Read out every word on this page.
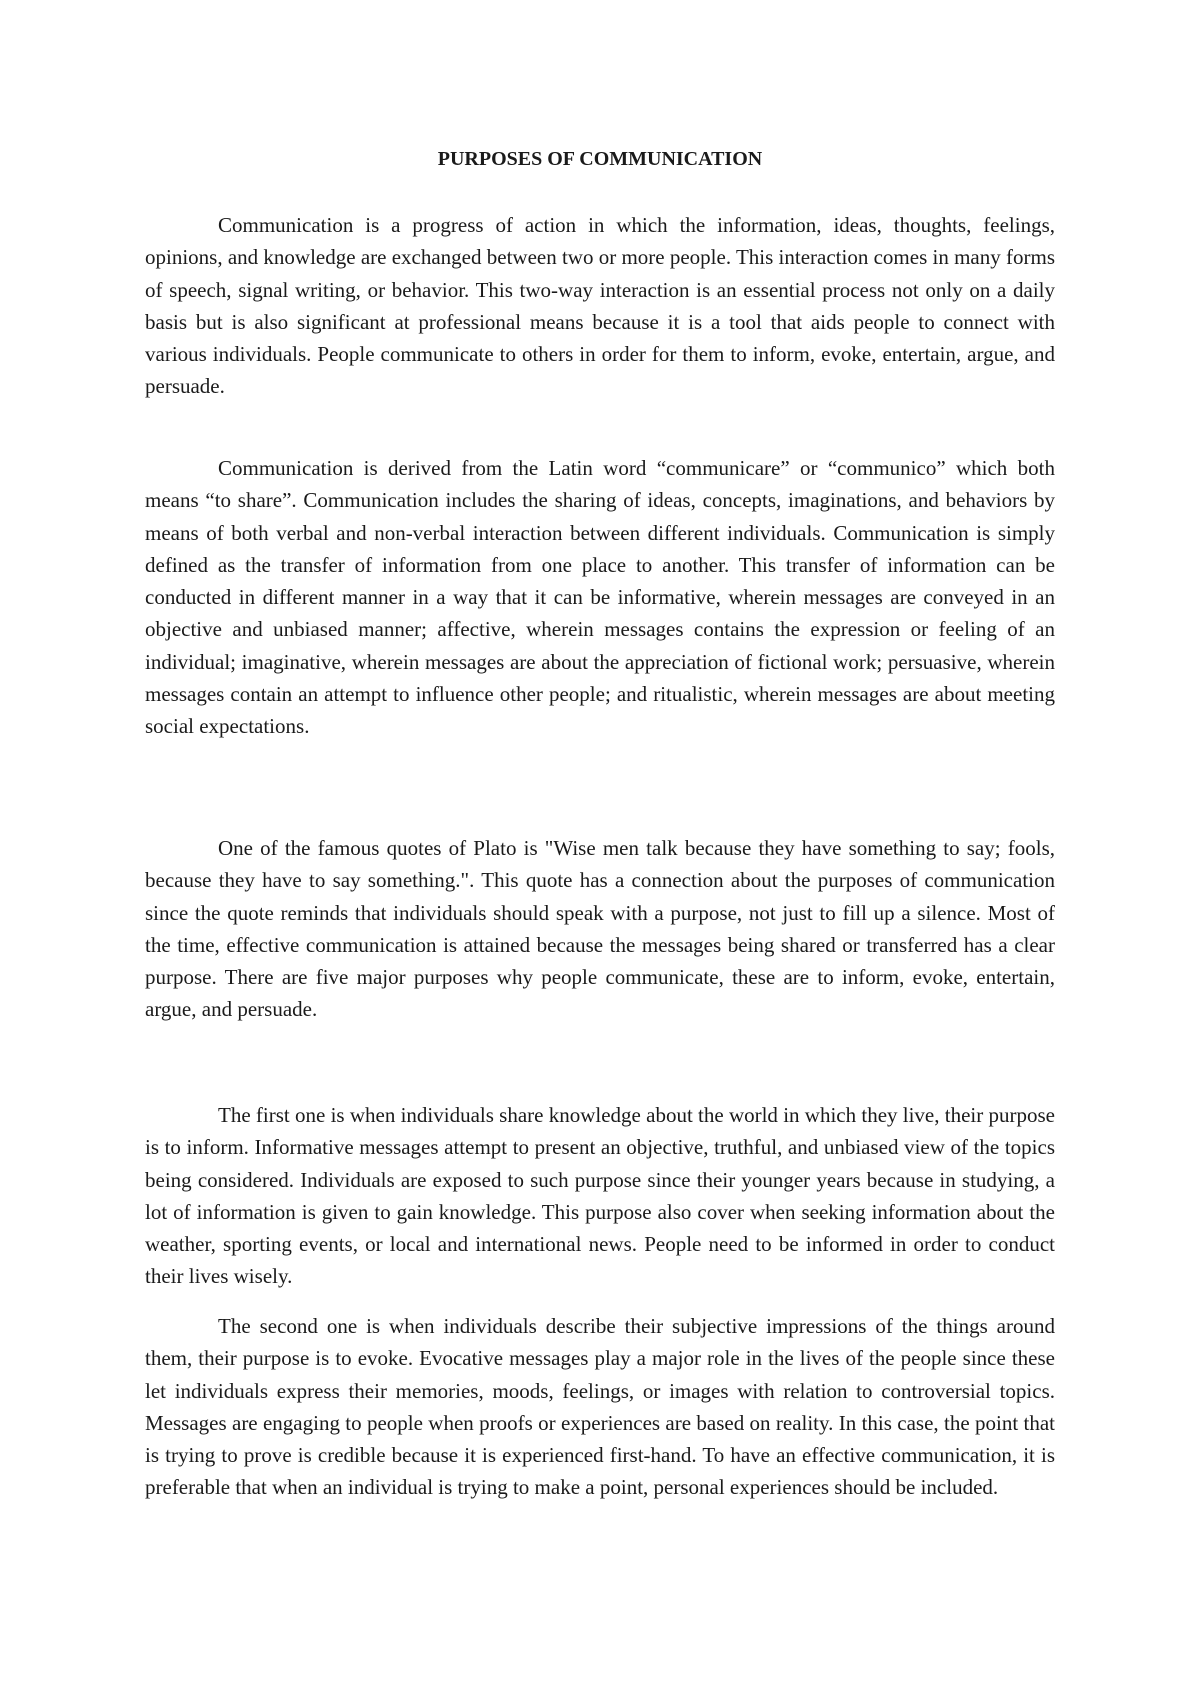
PURPOSES OF COMMUNICATION

Communication is a progress of action in which the information, ideas, thoughts, feelings, opinions, and knowledge are exchanged between two or more people. This interaction comes in many forms of speech, signal writing, or behavior. This two-way interaction is an essential process not only on a daily basis but is also significant at professional means because it is a tool that aids people to connect with various individuals. People communicate to others in order for them to inform, evoke, entertain, argue, and persuade.

Communication is derived from the Latin word “communicare” or “communico” which both means “to share”. Communication includes the sharing of ideas, concepts, imaginations, and behaviors by means of both verbal and non-verbal interaction between different individuals. Communication is simply defined as the transfer of information from one place to another. This transfer of information can be conducted in different manner in a way that it can be informative, wherein messages are conveyed in an objective and unbiased manner; affective, wherein messages contains the expression or feeling of an individual; imaginative, wherein messages are about the appreciation of fictional work; persuasive, wherein messages contain an attempt to influence other people; and ritualistic, wherein messages are about meeting social expectations.

One of the famous quotes of Plato is "Wise men talk because they have something to say; fools, because they have to say something.". This quote has a connection about the purposes of communication since the quote reminds that individuals should speak with a purpose, not just to fill up a silence. Most of the time, effective communication is attained because the messages being shared or transferred has a clear purpose. There are five major purposes why people communicate, these are to inform, evoke, entertain, argue, and persuade.

The first one is when individuals share knowledge about the world in which they live, their purpose is to inform. Informative messages attempt to present an objective, truthful, and unbiased view of the topics being considered. Individuals are exposed to such purpose since their younger years because in studying, a lot of information is given to gain knowledge. This purpose also cover when seeking information about the weather, sporting events, or local and international news. People need to be informed in order to conduct their lives wisely.

The second one is when individuals describe their subjective impressions of the things around them, their purpose is to evoke. Evocative messages play a major role in the lives of the people since these let individuals express their memories, moods, feelings, or images with relation to controversial topics. Messages are engaging to people when proofs or experiences are based on reality. In this case, the point that is trying to prove is credible because it is experienced first-hand. To have an effective communication, it is preferable that when an individual is trying to make a point, personal experiences should be included.
